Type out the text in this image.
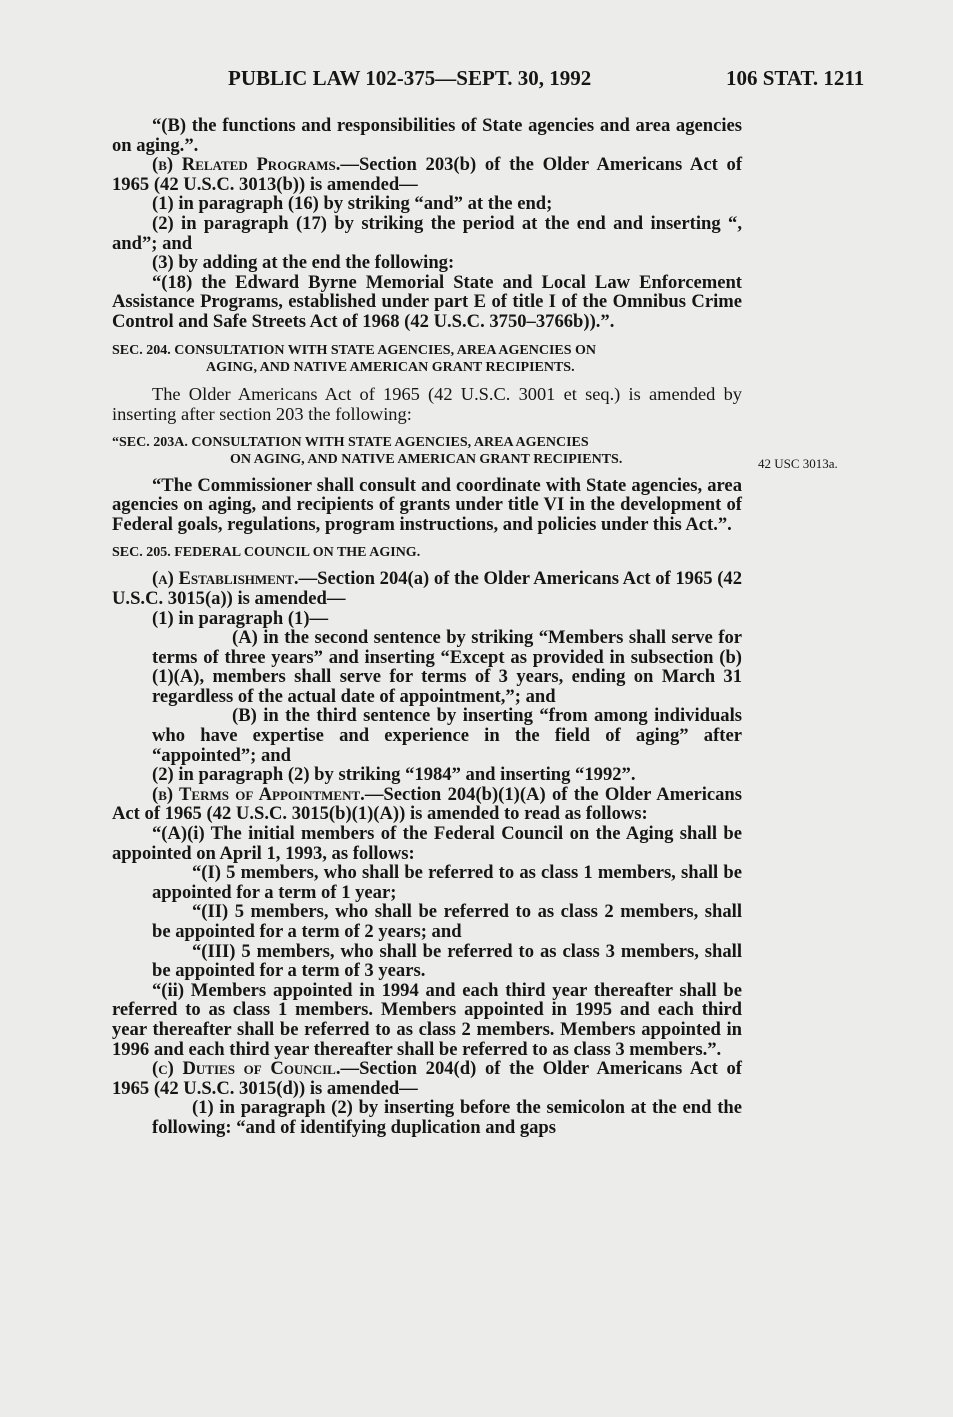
PUBLIC LAW 102-375—SEPT. 30, 1992	106 STAT. 1211
42 USC 3013a.

“(B) the functions and responsibilities of State agencies and area agencies on aging.”.

(b) Related Programs.—Section 203(b) of the Older Americans Act of 1965 (42 U.S.C. 3013(b)) is amended—

(1) in paragraph (16) by striking “and” at the end;

(2) in paragraph (17) by striking the period at the end and inserting “, and”; and

(3) by adding at the end the following:

“(18) the Edward Byrne Memorial State and Local Law Enforcement Assistance Programs, established under part E of title I of the Omnibus Crime Control and Safe Streets Act of 1968 (42 U.S.C. 3750–3766b)).”.

SEC. 204. CONSULTATION WITH STATE AGENCIES, AREA AGENCIES ON
AGING, AND NATIVE AMERICAN GRANT RECIPIENTS.

The Older Americans Act of 1965 (42 U.S.C. 3001 et seq.) is amended by inserting after section 203 the following:

“SEC. 203A. CONSULTATION WITH STATE AGENCIES, AREA AGENCIES
ON AGING, AND NATIVE AMERICAN GRANT RECIPIENTS.

“The Commissioner shall consult and coordinate with State agencies, area agencies on aging, and recipients of grants under title VI in the development of Federal goals, regulations, program instructions, and policies under this Act.”.

SEC. 205. FEDERAL COUNCIL ON THE AGING.

(a) Establishment.—Section 204(a) of the Older Americans Act of 1965 (42 U.S.C. 3015(a)) is amended—

(1) in paragraph (1)—

(A) in the second sentence by striking “Members shall serve for terms of three years” and inserting “Except as provided in subsection (b)(1)(A), members shall serve for terms of 3 years, ending on March 31 regardless of the actual date of appointment,”; and

(B) in the third sentence by inserting “from among individuals who have expertise and experience in the field of aging” after “appointed”; and

(2) in paragraph (2) by striking “1984” and inserting “1992”.

(b) Terms of Appointment.—Section 204(b)(1)(A) of the Older Americans Act of 1965 (42 U.S.C. 3015(b)(1)(A)) is amended to read as follows:

“(A)(i) The initial members of the Federal Council on the Aging shall be appointed on April 1, 1993, as follows:

“(I) 5 members, who shall be referred to as class 1 members, shall be appointed for a term of 1 year;

“(II) 5 members, who shall be referred to as class 2 members, shall be appointed for a term of 2 years; and

“(III) 5 members, who shall be referred to as class 3 members, shall be appointed for a term of 3 years.

“(ii) Members appointed in 1994 and each third year thereafter shall be referred to as class 1 members. Members appointed in 1995 and each third year thereafter shall be referred to as class 2 members. Members appointed in 1996 and each third year thereafter shall be referred to as class 3 members.”.

(c) Duties of Council.—Section 204(d) of the Older Americans Act of 1965 (42 U.S.C. 3015(d)) is amended—

(1) in paragraph (2) by inserting before the semicolon at the end the following: “and of identifying duplication and gaps
